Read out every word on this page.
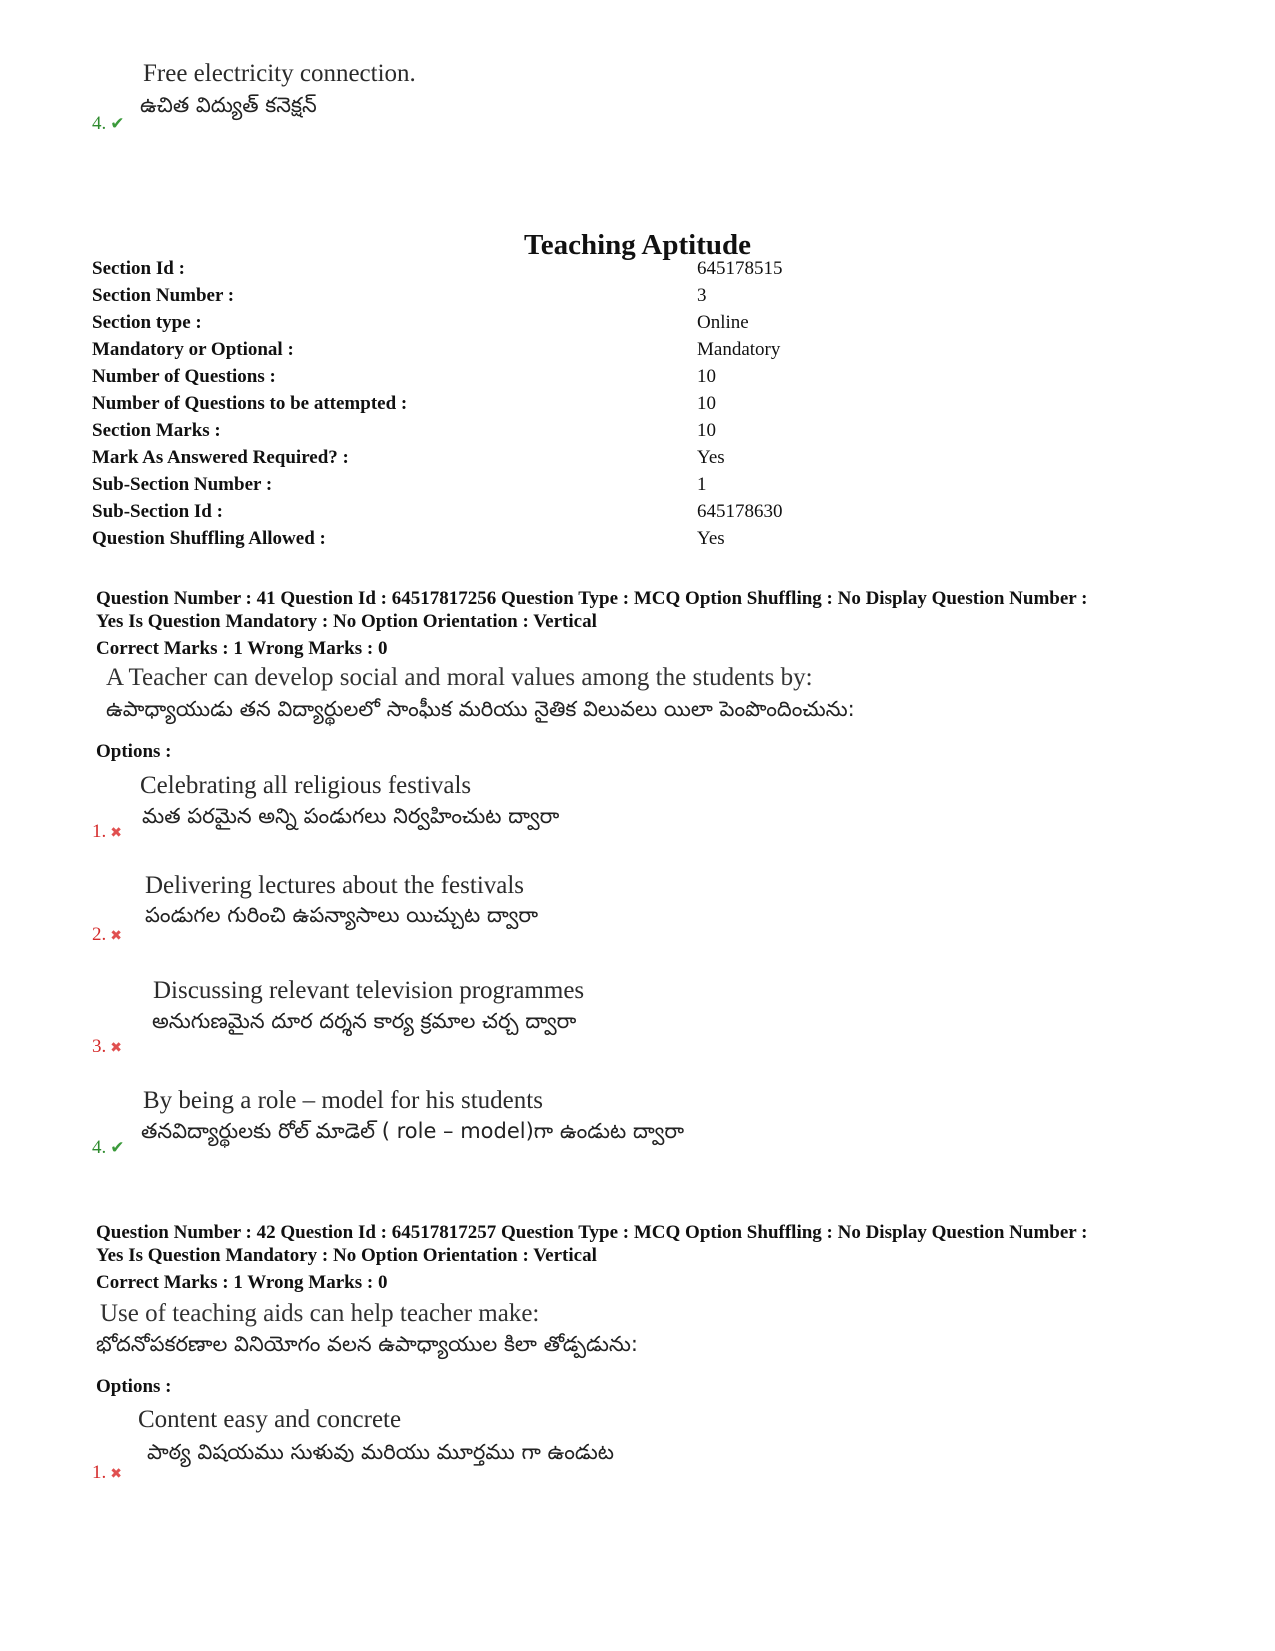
Free electricity connection.
ఉచిత విద్యుత్ కనెక్షన్
4. ✔
Teaching Aptitude
Section Id :	645178515
Section Number :	3
Section type :	Online
Mandatory or Optional :	Mandatory
Number of Questions :	10
Number of Questions to be attempted :	10
Section Marks :	10
Mark As Answered Required? :	Yes
Sub-Section Number :	1
Sub-Section Id :	645178630
Question Shuffling Allowed :	Yes
Question Number : 41 Question Id : 64517817256 Question Type : MCQ Option Shuffling : No Display Question Number :
Yes Is Question Mandatory : No Option Orientation : Vertical
Correct Marks : 1 Wrong Marks : 0
A Teacher can develop social and moral values among the students by:
ఉపాధ్యాయుడు తన విద్యార్థులలో సాంఘీక మరియు నైతిక విలువలు యిలా పెంపొందించును:
Options :
Celebrating all religious festivals
మత పరమైన అన్ని పండుగలు నిర్వహించుట ద్వారా
1. ✖
Delivering lectures about the festivals
పండుగల గురించి ఉపన్యాసాలు యిచ్చుట ద్వారా
2. ✖
Discussing relevant television programmes
అనుగుణమైన దూర దర్శన కార్య క్రమాల చర్చ ద్వారా
3. ✖
By being a role – model for his students
తనవిద్యార్థులకు రోల్ మాడెల్ ( role – model)గా ఉండుట ద్వారా
4. ✔
Question Number : 42 Question Id : 64517817257 Question Type : MCQ Option Shuffling : No Display Question Number :
Yes Is Question Mandatory : No Option Orientation : Vertical
Correct Marks : 1 Wrong Marks : 0
Use of teaching aids can help teacher make:
భోదనోపకరణాల వినియోగం వలన ఉపాధ్యాయుల కిలా తోడ్పడును:
Options :
Content easy and concrete
పాఠ్య విషయము సుళువు మరియు మూర్తము గా ఉండుట
1. ✖
